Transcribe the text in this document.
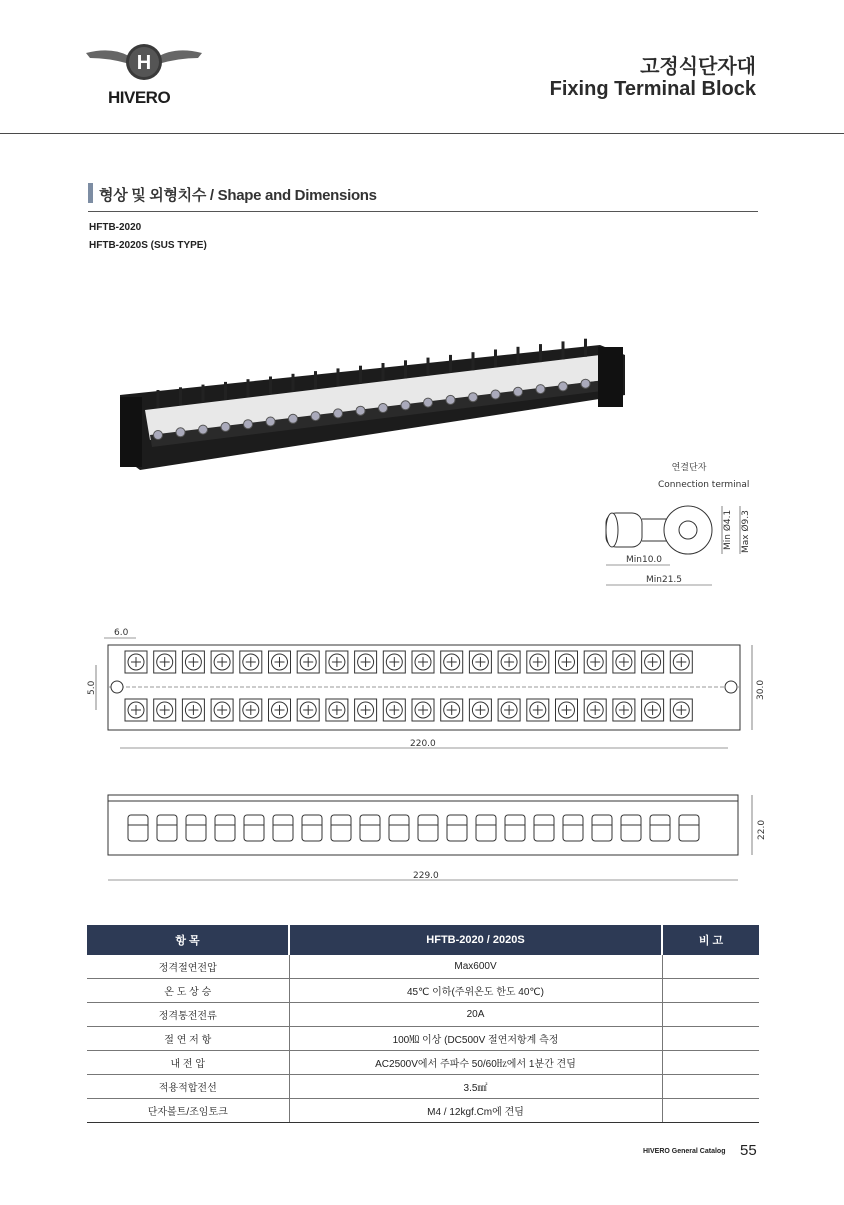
H
HIVERO
고정식단자대
Fixing Terminal Block
형상 및 외형치수 / Shape and Dimensions
HFTB-2020
HFTB-2020S (SUS TYPE)
연결단자
Connection terminal
Min10.0
Min21.5
Min Ø4.1 Max Ø9.3
6.0
5.0	30.0
220.0
229.0
22.0
항 목	HFTB-2020 / 2020S	비 고
정격절연전압	Max600V	
온 도 상 승	45℃ 이하(주위온도 한도 40℃)	
정격통전전류	20A	
절 연 저 항	100㏁ 이상 (DC500V 절연저항계 측정	
내 전 압	AC2500V에서 주파수 50/60㎐에서 1분간 견딤	
적용적합전선	3.5㎟	
단자볼트/조임토크	M4 / 12kgf.Cm에 견딤	
HIVERO General Catalog 55
